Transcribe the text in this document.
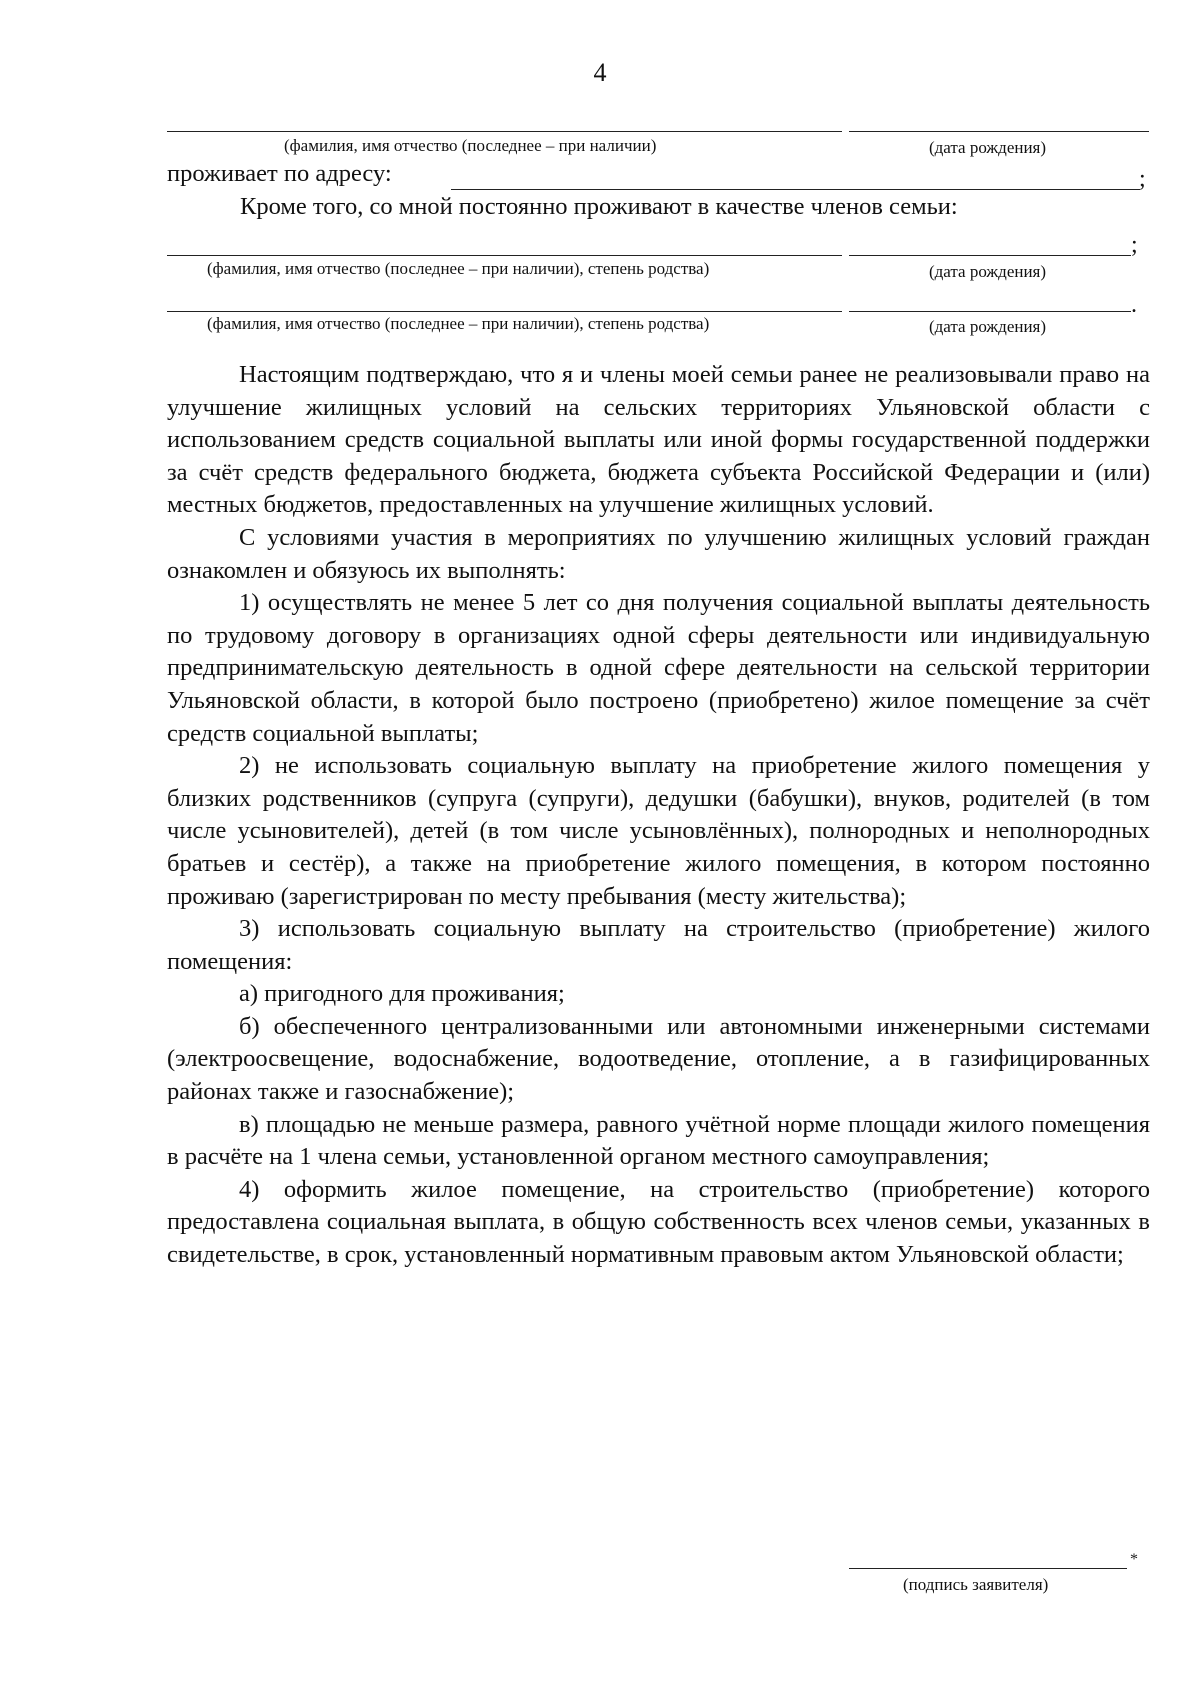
4
(фамилия, имя отчество (последнее – при наличии)	(дата рождения)
проживает по адресу:	;
Кроме того, со мной постоянно проживают в качестве членов семьи:
;
(фамилия, имя отчество (последнее – при наличии), степень родства)	(дата рождения)
.
(фамилия, имя отчество (последнее – при наличии), степень родства)	(дата рождения)

Настоящим подтверждаю, что я и члены моей семьи ранее не реализовывали право на улучшение жилищных условий на сельских территориях Ульяновской области с использованием средств социальной выплаты или иной формы государственной поддержки за счёт средств федерального бюджета, бюджета субъекта Российской Федерации и (или) местных бюджетов, предоставленных на улучшение жилищных условий.

С условиями участия в мероприятиях по улучшению жилищных условий граждан ознакомлен и обязуюсь их выполнять:

1) осуществлять не менее 5 лет со дня получения социальной выплаты деятельность по трудовому договору в организациях одной сферы деятельности или индивидуальную предпринимательскую деятельность в одной сфере деятельности на сельской территории Ульяновской области, в которой было построено (приобретено) жилое помещение за счёт средств социальной выплаты;

2) не использовать социальную выплату на приобретение жилого помещения у близких родственников (супруга (супруги), дедушки (бабушки), внуков, родителей (в том числе усыновителей), детей (в том числе усыновлённых), полнородных и неполнородных братьев и сестёр), а также на приобретение жилого помещения, в котором постоянно проживаю (зарегистрирован по месту пребывания (месту жительства);

3) использовать социальную выплату на строительство (приобретение) жилого помещения:

а) пригодного для проживания;

б) обеспеченного централизованными или автономными инженерными системами (электроосвещение, водоснабжение, водоотведение, отопление, а в газифицированных районах также и газоснабжение);

в) площадью не меньше размера, равного учётной норме площади жилого помещения в расчёте на 1 члена семьи, установленной органом местного самоуправления;

4) оформить жилое помещение, на строительство (приобретение) которого предоставлена социальная выплата, в общую собственность всех членов семьи, указанных в свидетельстве, в срок, установленный нормативным правовым актом Ульяновской области;

*
(подпись заявителя)
